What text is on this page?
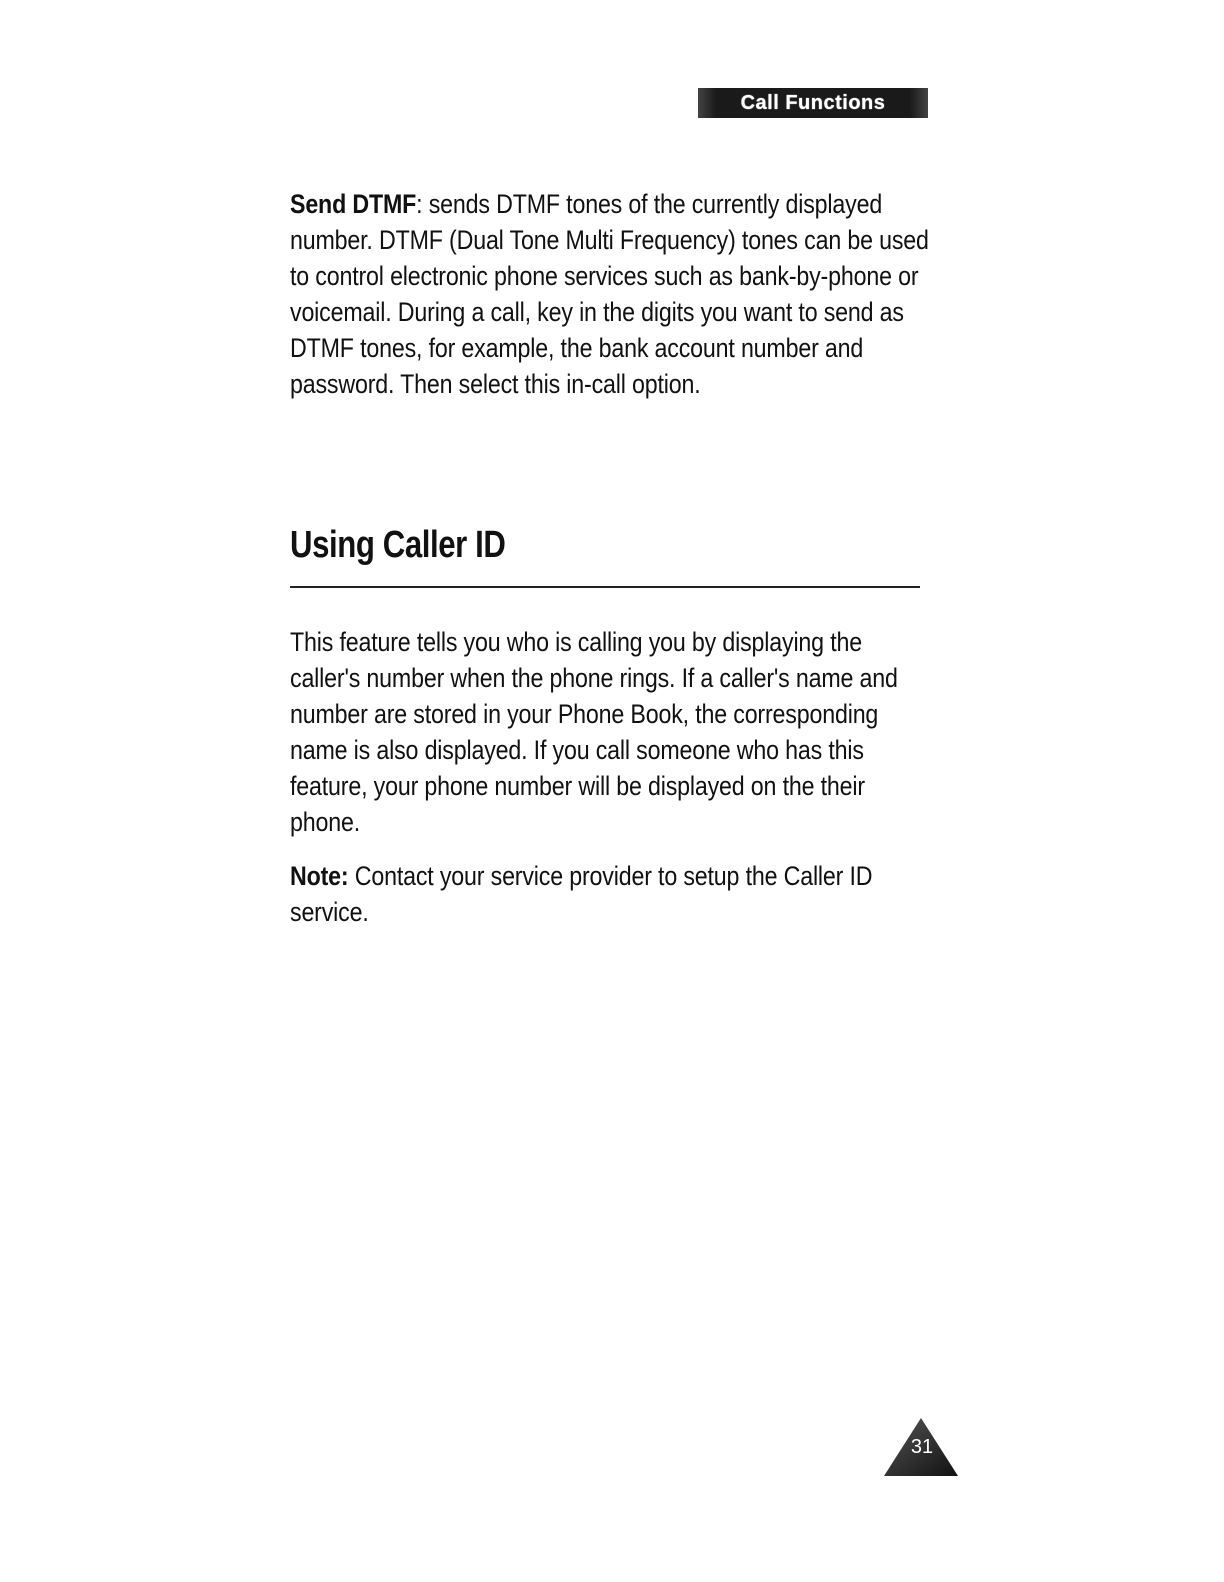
Call Functions

Send DTMF: sends DTMF tones of the currently displayed number. DTMF (Dual Tone Multi Frequency) tones can be used to control electronic phone services such as bank-by-phone or voicemail. During a call, key in the digits you want to send as DTMF tones, for example, the bank account number and password. Then select this in-call option.

Using Caller ID

This feature tells you who is calling you by displaying the caller's number when the phone rings. If a caller's name and number are stored in your Phone Book, the corresponding name is also displayed. If you call someone who has this feature, your phone number will be displayed on the their phone.

Note: Contact your service provider to setup the Caller ID service.

31
